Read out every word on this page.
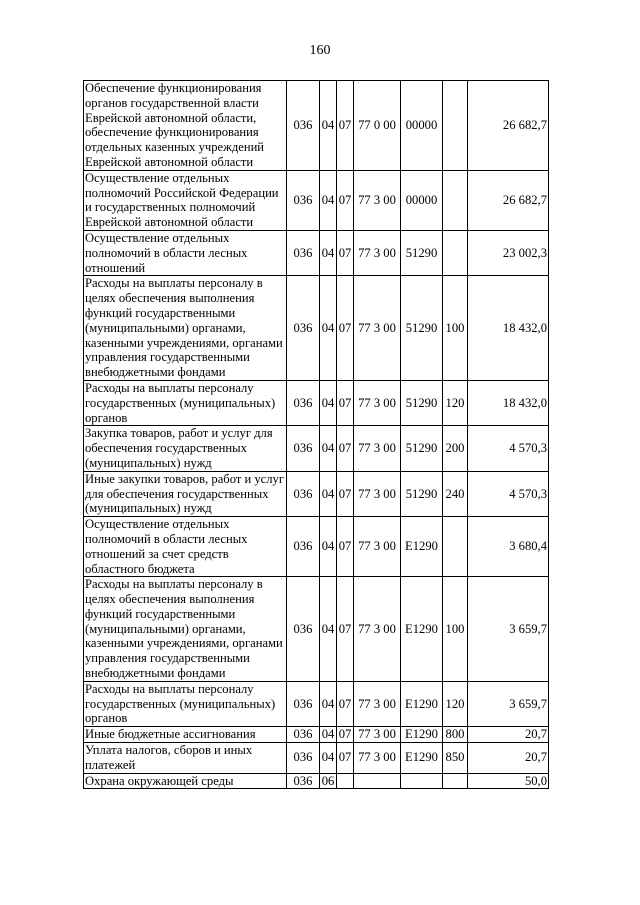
160
Обеспечение функционирования органов государственной власти Еврейской автономной области, обеспечение функционирования отдельных казенных учреждений Еврейской автономной области	036	04	07	77 0 00	00000		26 682,7
Осуществление отдельных полномочий Российской Федерации и государственных полномочий Еврейской автономной области	036	04	07	77 3 00	00000		26 682,7
Осуществление отдельных полномочий в области лесных отношений	036	04	07	77 3 00	51290		23 002,3
Расходы на выплаты персоналу в целях обеспечения выполнения функций государственными (муниципальными) органами, казенными учреждениями, органами управления государственными внебюджетными фондами	036	04	07	77 3 00	51290	100	18 432,0
Расходы на выплаты персоналу государственных (муниципальных) органов	036	04	07	77 3 00	51290	120	18 432,0
Закупка товаров, работ и услуг для обеспечения государственных (муниципальных) нужд	036	04	07	77 3 00	51290	200	4 570,3
Иные закупки товаров, работ и услуг для обеспечения государственных (муниципальных) нужд	036	04	07	77 3 00	51290	240	4 570,3
Осуществление отдельных полномочий в области лесных отношений за счет средств областного бюджета	036	04	07	77 3 00	Е1290		3 680,4
Расходы на выплаты персоналу в целях обеспечения выполнения функций государственными (муниципальными) органами, казенными учреждениями, органами управления государственными внебюджетными фондами	036	04	07	77 3 00	Е1290	100	3 659,7
Расходы на выплаты персоналу государственных (муниципальных) органов	036	04	07	77 3 00	Е1290	120	3 659,7
Иные бюджетные ассигнования	036	04	07	77 3 00	Е1290	800	20,7
Уплата налогов, сборов и иных платежей	036	04	07	77 3 00	Е1290	850	20,7
Охрана окружающей среды	036	06					50,0
